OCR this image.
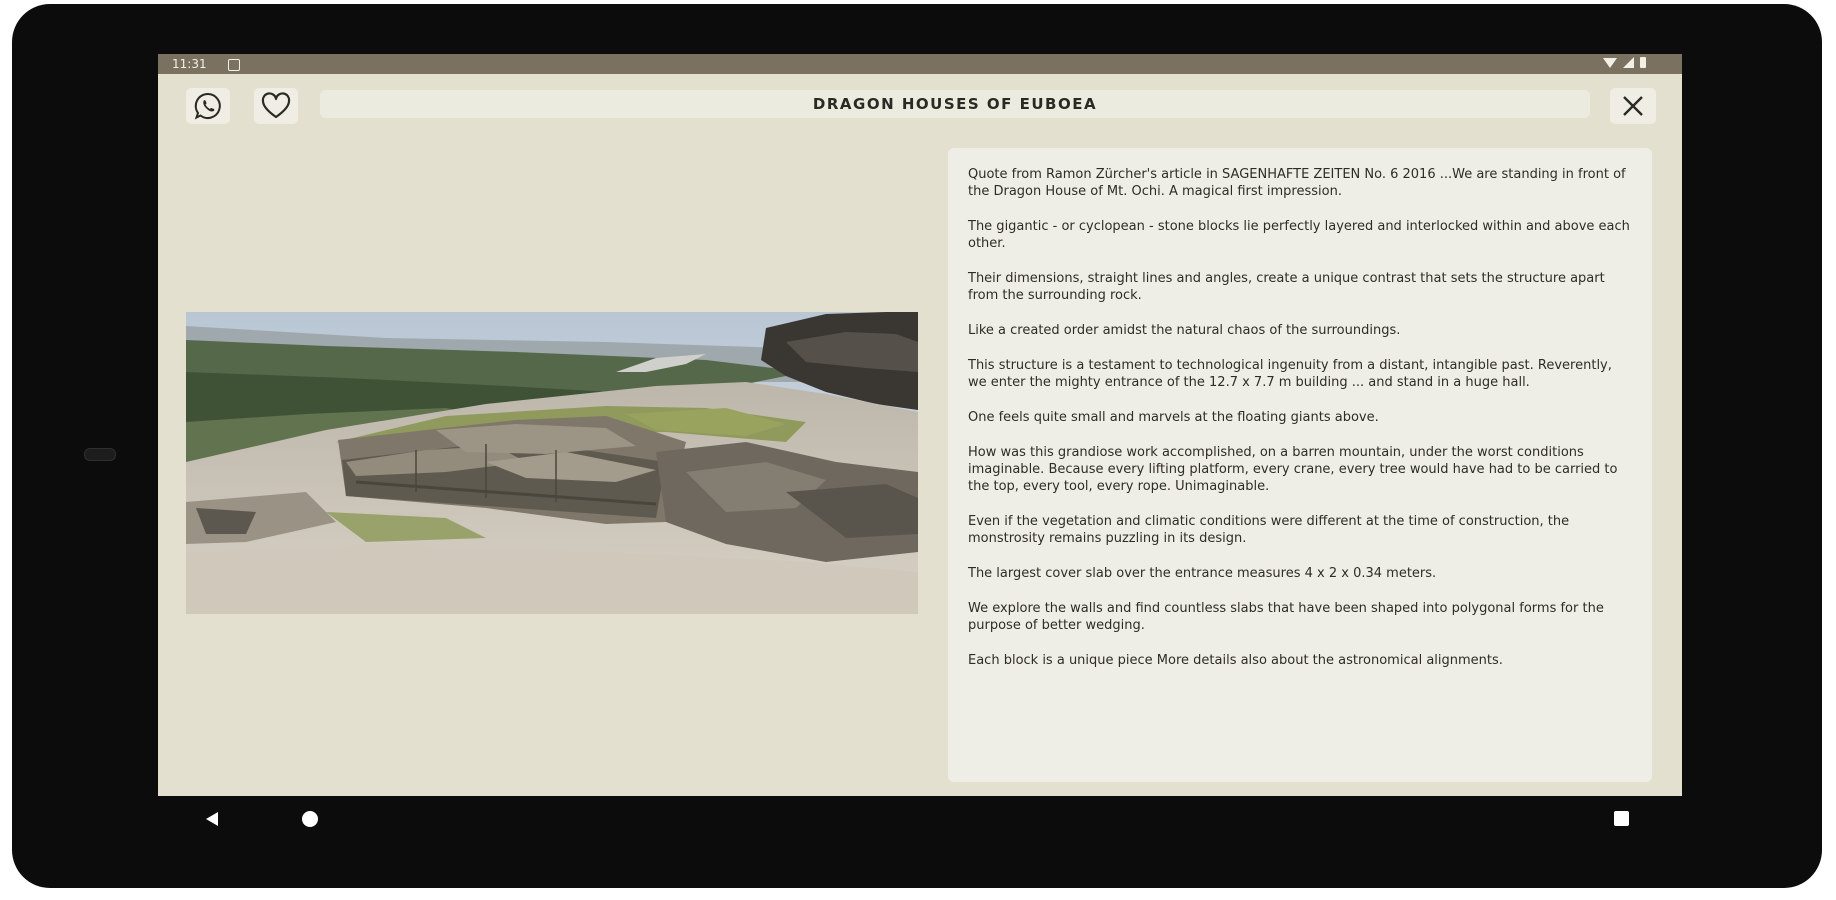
11:31
DRAGON HOUSES OF EUBOEA

Quote from Ramon Zürcher's article in SAGENHAFTE ZEITEN No. 6 2016 ...We are standing in front of the Dragon House of Mt. Ochi. A magical first impression.

The gigantic - or cyclopean - stone blocks lie perfectly layered and interlocked within and above each other.

Their dimensions, straight lines and angles, create a unique contrast that sets the structure apart from the surrounding rock.

Like a created order amidst the natural chaos of the surroundings.

This structure is a testament to technological ingenuity from a distant, intangible past. Reverently, we enter the mighty entrance of the 12.7 x 7.7 m building ... and stand in a huge hall.

One feels quite small and marvels at the floating giants above.

How was this grandiose work accomplished, on a barren mountain, under the worst conditions imaginable. Because every lifting platform, every crane, every tree would have had to be carried to the top, every tool, every rope. Unimaginable.

Even if the vegetation and climatic conditions were different at the time of construction, the monstrosity remains puzzling in its design.

The largest cover slab over the entrance measures 4 x 2 x 0.34 meters.

We explore the walls and find countless slabs that have been shaped into polygonal forms for the purpose of better wedging.

Each block is a unique piece More details also about the astronomical alignments.
